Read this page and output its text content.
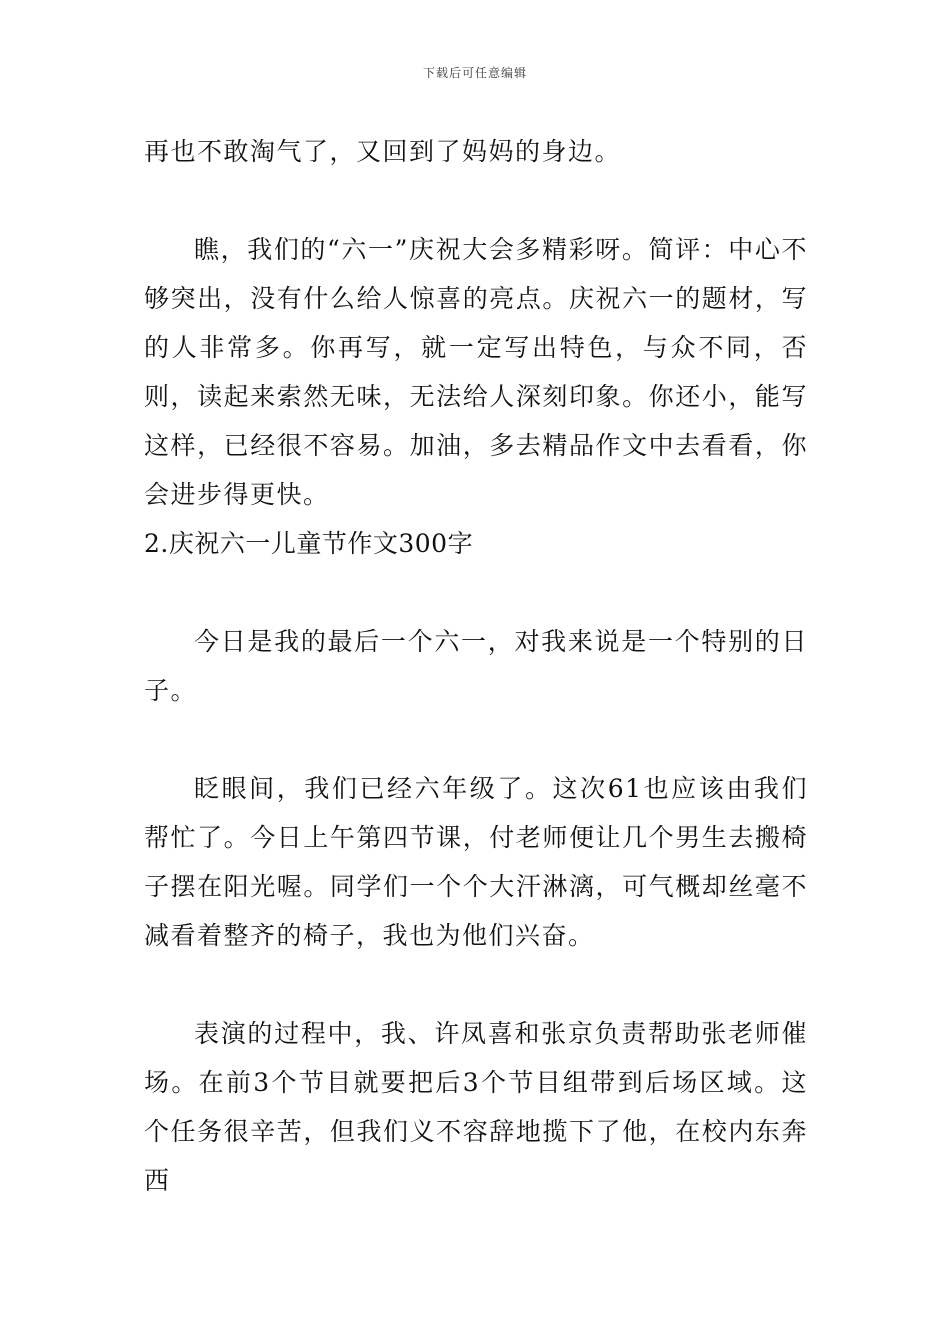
下载后可任意编辑

再也不敢淘气了，又回到了妈妈的身边。

瞧，我们的“六一”庆祝大会多精彩呀。简评：中心不够突出，没有什么给人惊喜的亮点。庆祝六一的题材，写的人非常多。你再写，就一定写出特色，与众不同，否则，读起来索然无味，无法给人深刻印象。你还小，能写这样，已经很不容易。加油，多去精品作文中去看看，你会进步得更快。

2.庆祝六一儿童节作文300字

今日是我的最后一个六一，对我来说是一个特别的日子。

眨眼间，我们已经六年级了。这次61也应该由我们帮忙了。今日上午第四节课，付老师便让几个男生去搬椅子摆在阳光喔。同学们一个个大汗淋漓，可气概却丝毫不减看着整齐的椅子，我也为他们兴奋。

表演的过程中，我、许凤喜和张京负责帮助张老师催场。在前3个节目就要把后3个节目组带到后场区域。这个任务很辛苦，但我们义不容辞地揽下了他，在校内东奔西
